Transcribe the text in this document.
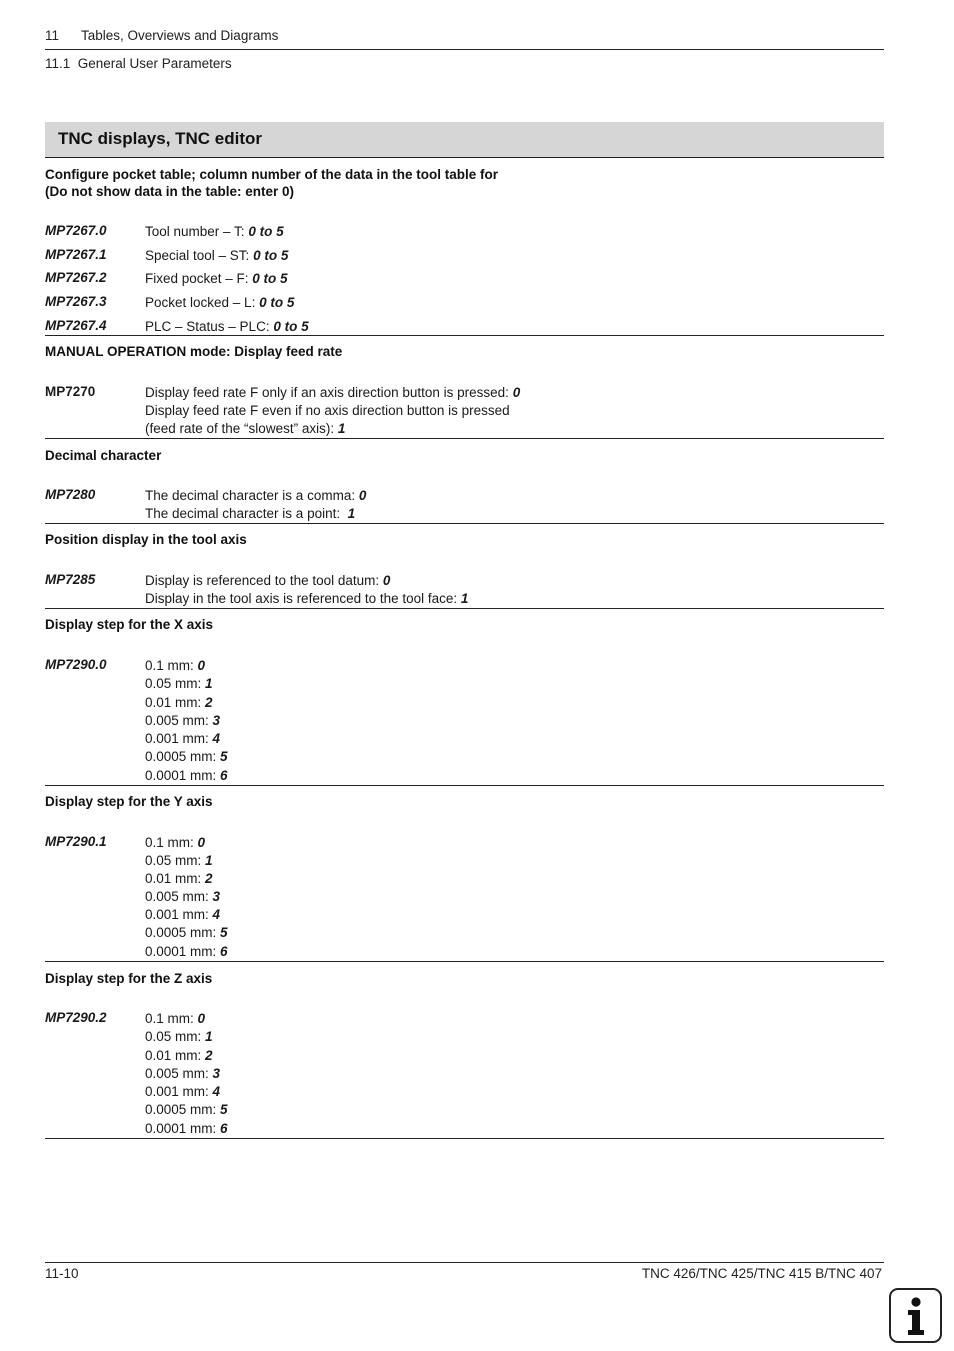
11 Tables, Overviews and Diagrams
11.1  General User Parameters
TNC displays, TNC editor
Configure pocket table; column number of the data in the tool table for
(Do not show data in the table: enter 0)
MP7267.0	Tool number – T: 0 to 5
MP7267.1	Special tool – ST: 0 to 5
MP7267.2	Fixed pocket – F: 0 to 5
MP7267.3	Pocket locked – L: 0 to 5
MP7267.4	PLC – Status – PLC: 0 to 5
MANUAL OPERATION mode: Display feed rate
MP7270	Display feed rate F only if an axis direction button is pressed: 0
Display feed rate F even if no axis direction button is pressed
(feed rate of the “slowest” axis): 1
Decimal character
MP7280	The decimal character is a comma: 0
The decimal character is a point:  1
Position display in the tool axis
MP7285	Display is referenced to the tool datum: 0
Display in the tool axis is referenced to the tool face: 1
Display step for the X axis
MP7290.0	0.1 mm: 0
0.05 mm: 1
0.01 mm: 2
0.005 mm: 3
0.001 mm: 4
0.0005 mm: 5
0.0001 mm: 6
Display step for the Y axis
MP7290.1	0.1 mm: 0
0.05 mm: 1
0.01 mm: 2
0.005 mm: 3
0.001 mm: 4
0.0005 mm: 5
0.0001 mm: 6
Display step for the Z axis
MP7290.2	0.1 mm: 0
0.05 mm: 1
0.01 mm: 2
0.005 mm: 3
0.001 mm: 4
0.0005 mm: 5
0.0001 mm: 6
11-10	TNC 426/TNC 425/TNC 415 B/TNC 407
